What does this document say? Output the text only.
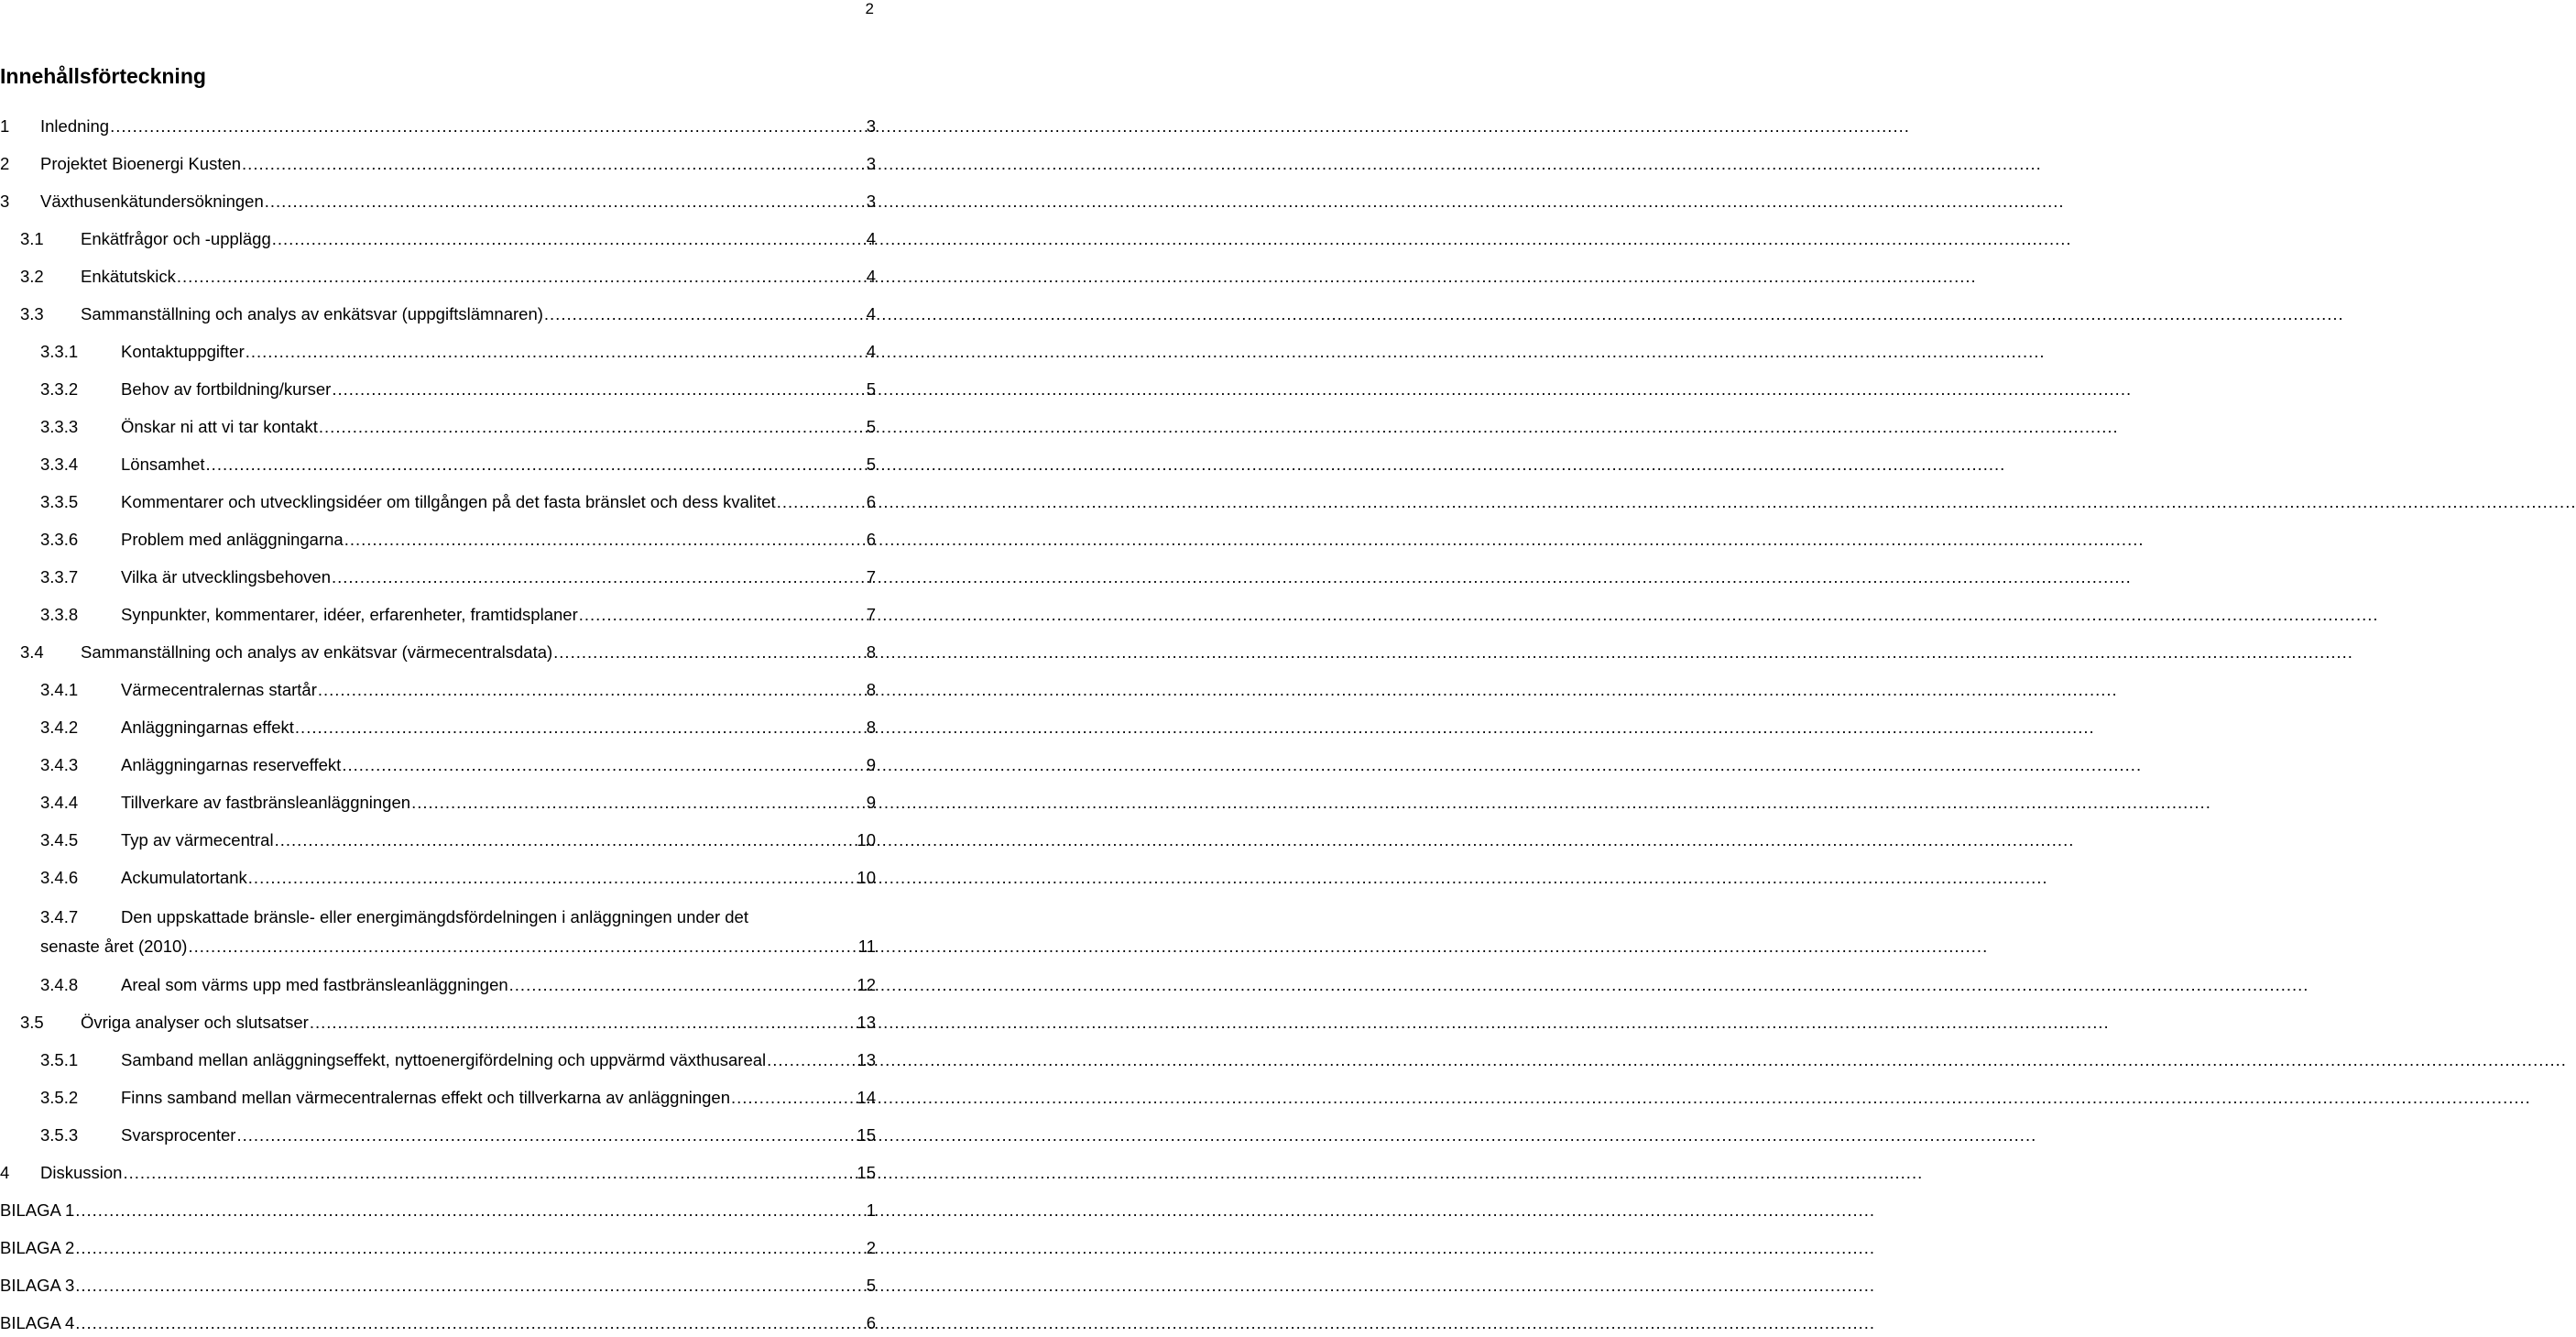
2
Innehållsförteckning
1	Inledning .....	3
2	Projektet Bioenergi Kusten .....	3
3	Växthusenkätundersökningen .....	3
3.1	Enkätfrågor och -upplägg .....	4
3.2	Enkätutskick .....	4
3.3	Sammanställning och analys av enkätsvar (uppgiftslämnaren) .....	4
3.3.1	Kontaktuppgifter .....	4
3.3.2	Behov av fortbildning/kurser .....	5
3.3.3	Önskar ni att vi tar kontakt .....	5
3.3.4	Lönsamhet .....	5
3.3.5	Kommentarer och utvecklingsidéer om tillgången på det fasta bränslet och dess kvalitet .....	6
3.3.6	Problem med anläggningarna .....	6
3.3.7	Vilka är utvecklingsbehoven .....	7
3.3.8	Synpunkter, kommentarer, idéer, erfarenheter, framtidsplaner .....	7
3.4	Sammanställning och analys av enkätsvar (värmecentralsdata) .....	8
3.4.1	Värmecentralernas startår .....	8
3.4.2	Anläggningarnas effekt .....	8
3.4.3	Anläggningarnas reserveffekt .....	9
3.4.4	Tillverkare av fastbränsleanläggningen .....	9
3.4.5	Typ av värmecentral .....	10
3.4.6	Ackumulatortank .....	10
3.4.7	Den uppskattade bränsle- eller energimängdsfördelningen i anläggningen under det
senaste året (2010) .....	11
3.4.8	Areal som värms upp med fastbränsleanläggningen .....	12
3.5	Övriga analyser och slutsatser .....	13
3.5.1	Samband mellan anläggningseffekt, nyttoenergifördelning och uppvärmd växthusareal .....	13
3.5.2	Finns samband mellan värmecentralernas effekt och tillverkarna av anläggningen .....	14
3.5.3	Svarsprocenter .....	15
4	Diskussion .....	15
BILAGA 1 .....	1
BILAGA 2 .....	2
BILAGA 3 .....	5
BILAGA 4 .....	6
